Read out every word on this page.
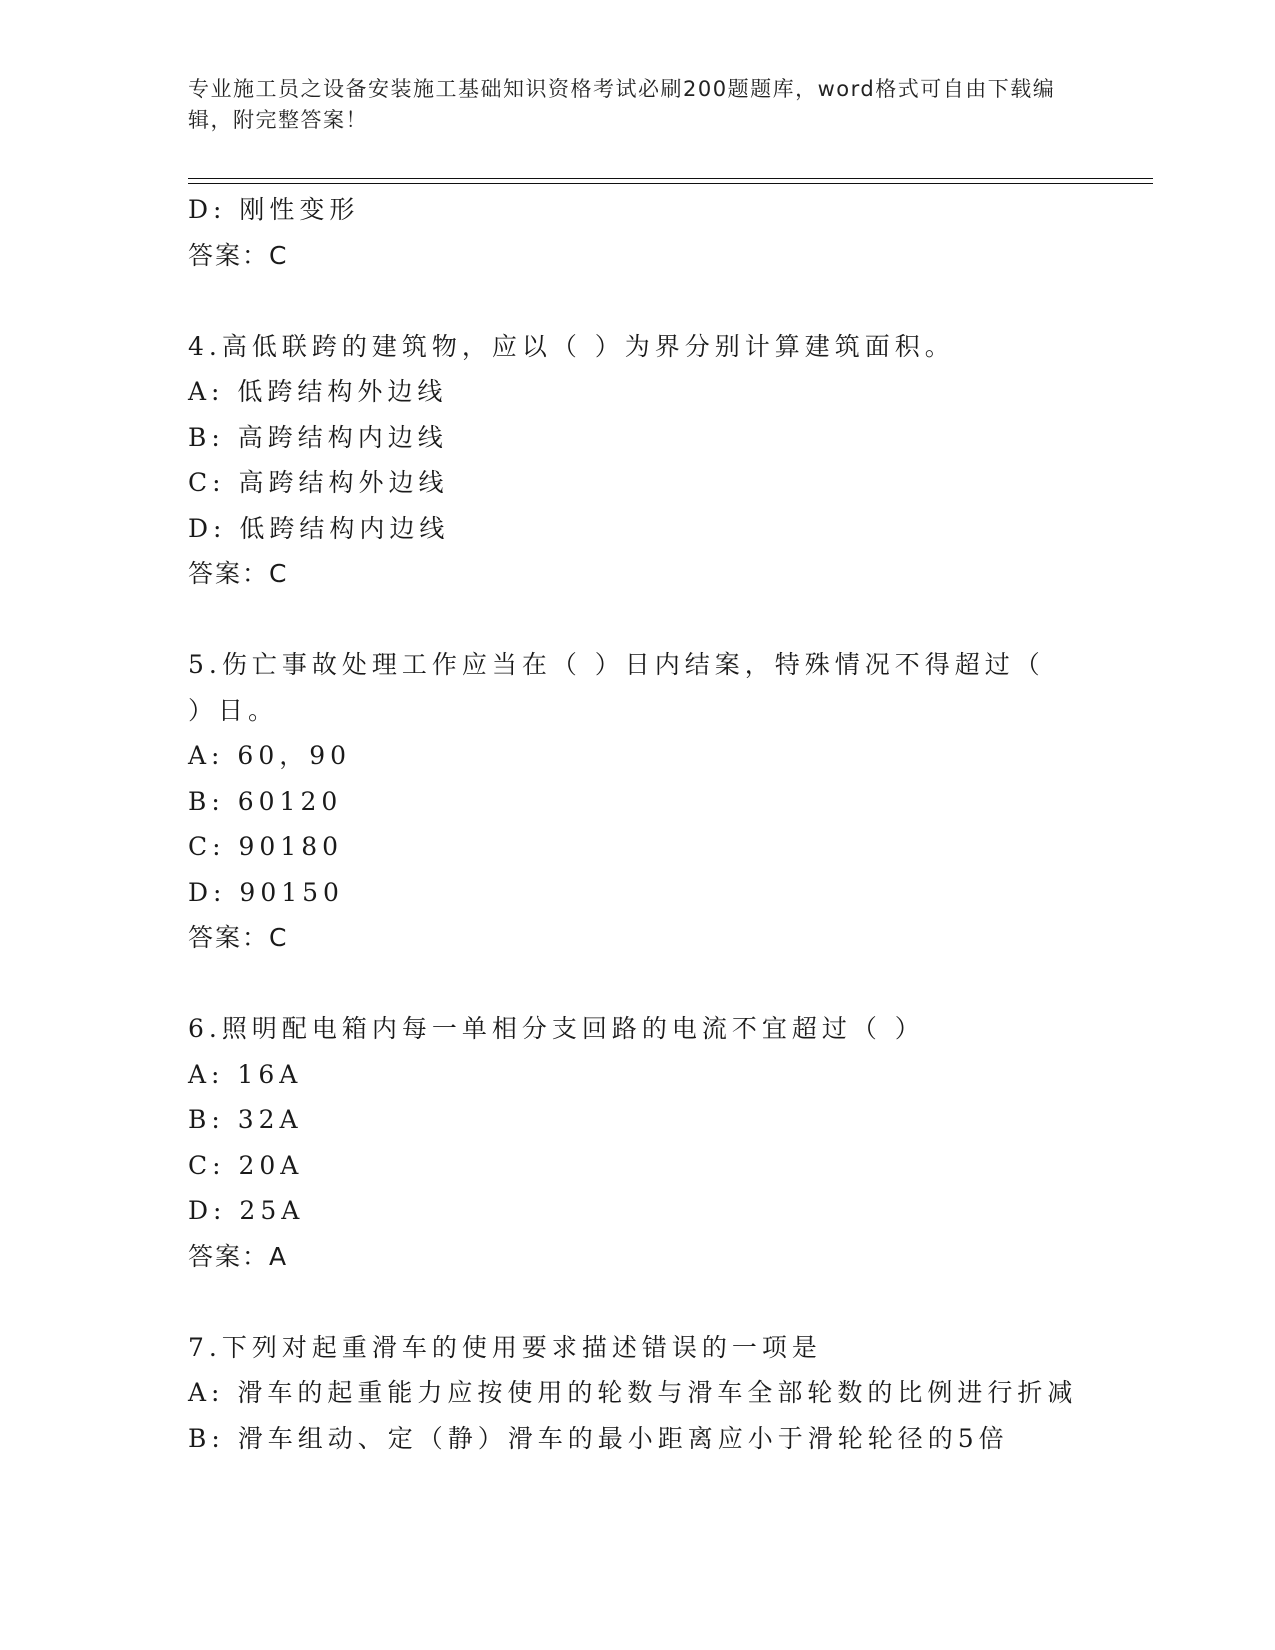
专业施工员之设备安装施工基础知识资格考试必刷200题题库，word格式可自由下载编辑，附完整答案！
D: 刚性变形
答案：C
4.高低联跨的建筑物，应以（ ）为界分别计算建筑面积。
A: 低跨结构外边线
B: 高跨结构内边线
C: 高跨结构外边线
D: 低跨结构内边线
答案：C
5.伤亡事故处理工作应当在（ ）日内结案，特殊情况不得超过（ ）日。
A: 60，90
B: 60120
C: 90180
D: 90150
答案：C
6.照明配电箱内每一单相分支回路的电流不宜超过（ ）
A: 16A
B: 32A
C: 20A
D: 25A
答案：A
7.下列对起重滑车的使用要求描述错误的一项是
A: 滑车的起重能力应按使用的轮数与滑车全部轮数的比例进行折减
B: 滑车组动、定（静）滑车的最小距离应小于滑轮轮径的5倍
